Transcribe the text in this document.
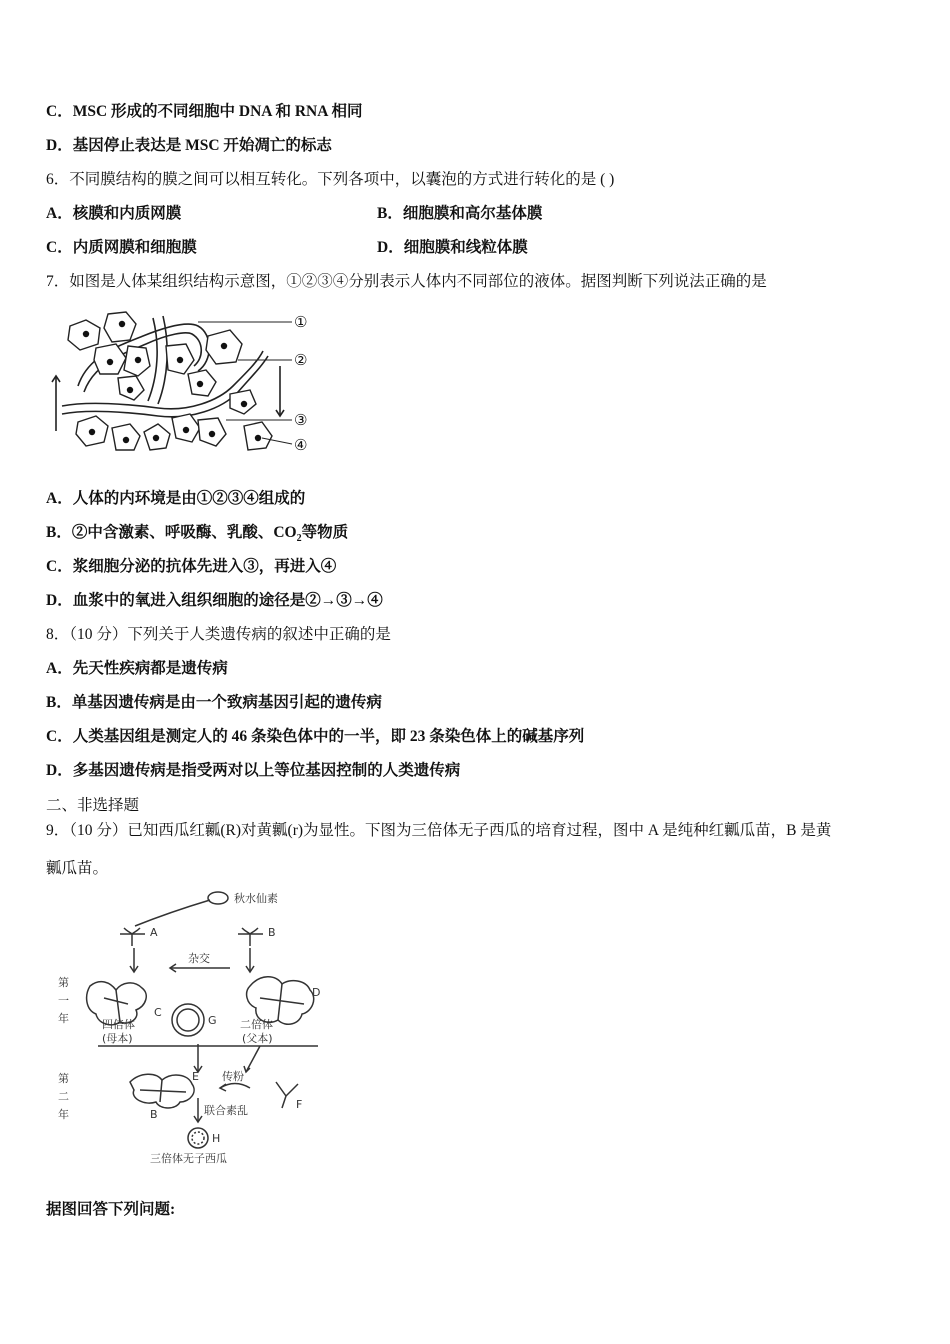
C．MSC 形成的不同细胞中 DNA 和 RNA 相同
D．基因停止表达是 MSC 开始凋亡的标志
6．不同膜结构的膜之间可以相互转化。下列各项中，以囊泡的方式进行转化的是 ( )
A．核膜和内质网膜	B．细胞膜和高尔基体膜
C．内质网膜和细胞膜	D．细胞膜和线粒体膜
7．如图是人体某组织结构示意图，①②③④分别表示人体内不同部位的液体。据图判断下列说法正确的是
①
②
③
④
A．人体的内环境是由①②③④组成的
B．②中含激素、呼吸酶、乳酸、$CO_2$等物质
C．浆细胞分泌的抗体先进入③，再进入④
D．血浆中的氧进入组织细胞的途径是②→③→④
8．（10 分）下列关于人类遗传病的叙述中正确的是
A．先天性疾病都是遗传病
B．单基因遗传病是由一个致病基因引起的遗传病
C．人类基因组是测定人的 46 条染色体中的一半，即 23 条染色体上的碱基序列
D．多基因遗传病是指受两对以上等位基因控制的人类遗传病
二、非选择题
9．（10 分）已知西瓜红瓤(R)对黄瓤(r)为显性。下图为三倍体无子西瓜的培育过程，图中 A 是纯种红瓤瓜苗，B 是黄
瓤瓜苗。
秋水仙素
A	B
杂交
C
D
第
一
年	四倍体
(母本)
G 二倍体
(父本)
第
二
年
传粉
B
E
F
联合素乱
H
三倍体无子西瓜
据图回答下列问题:
